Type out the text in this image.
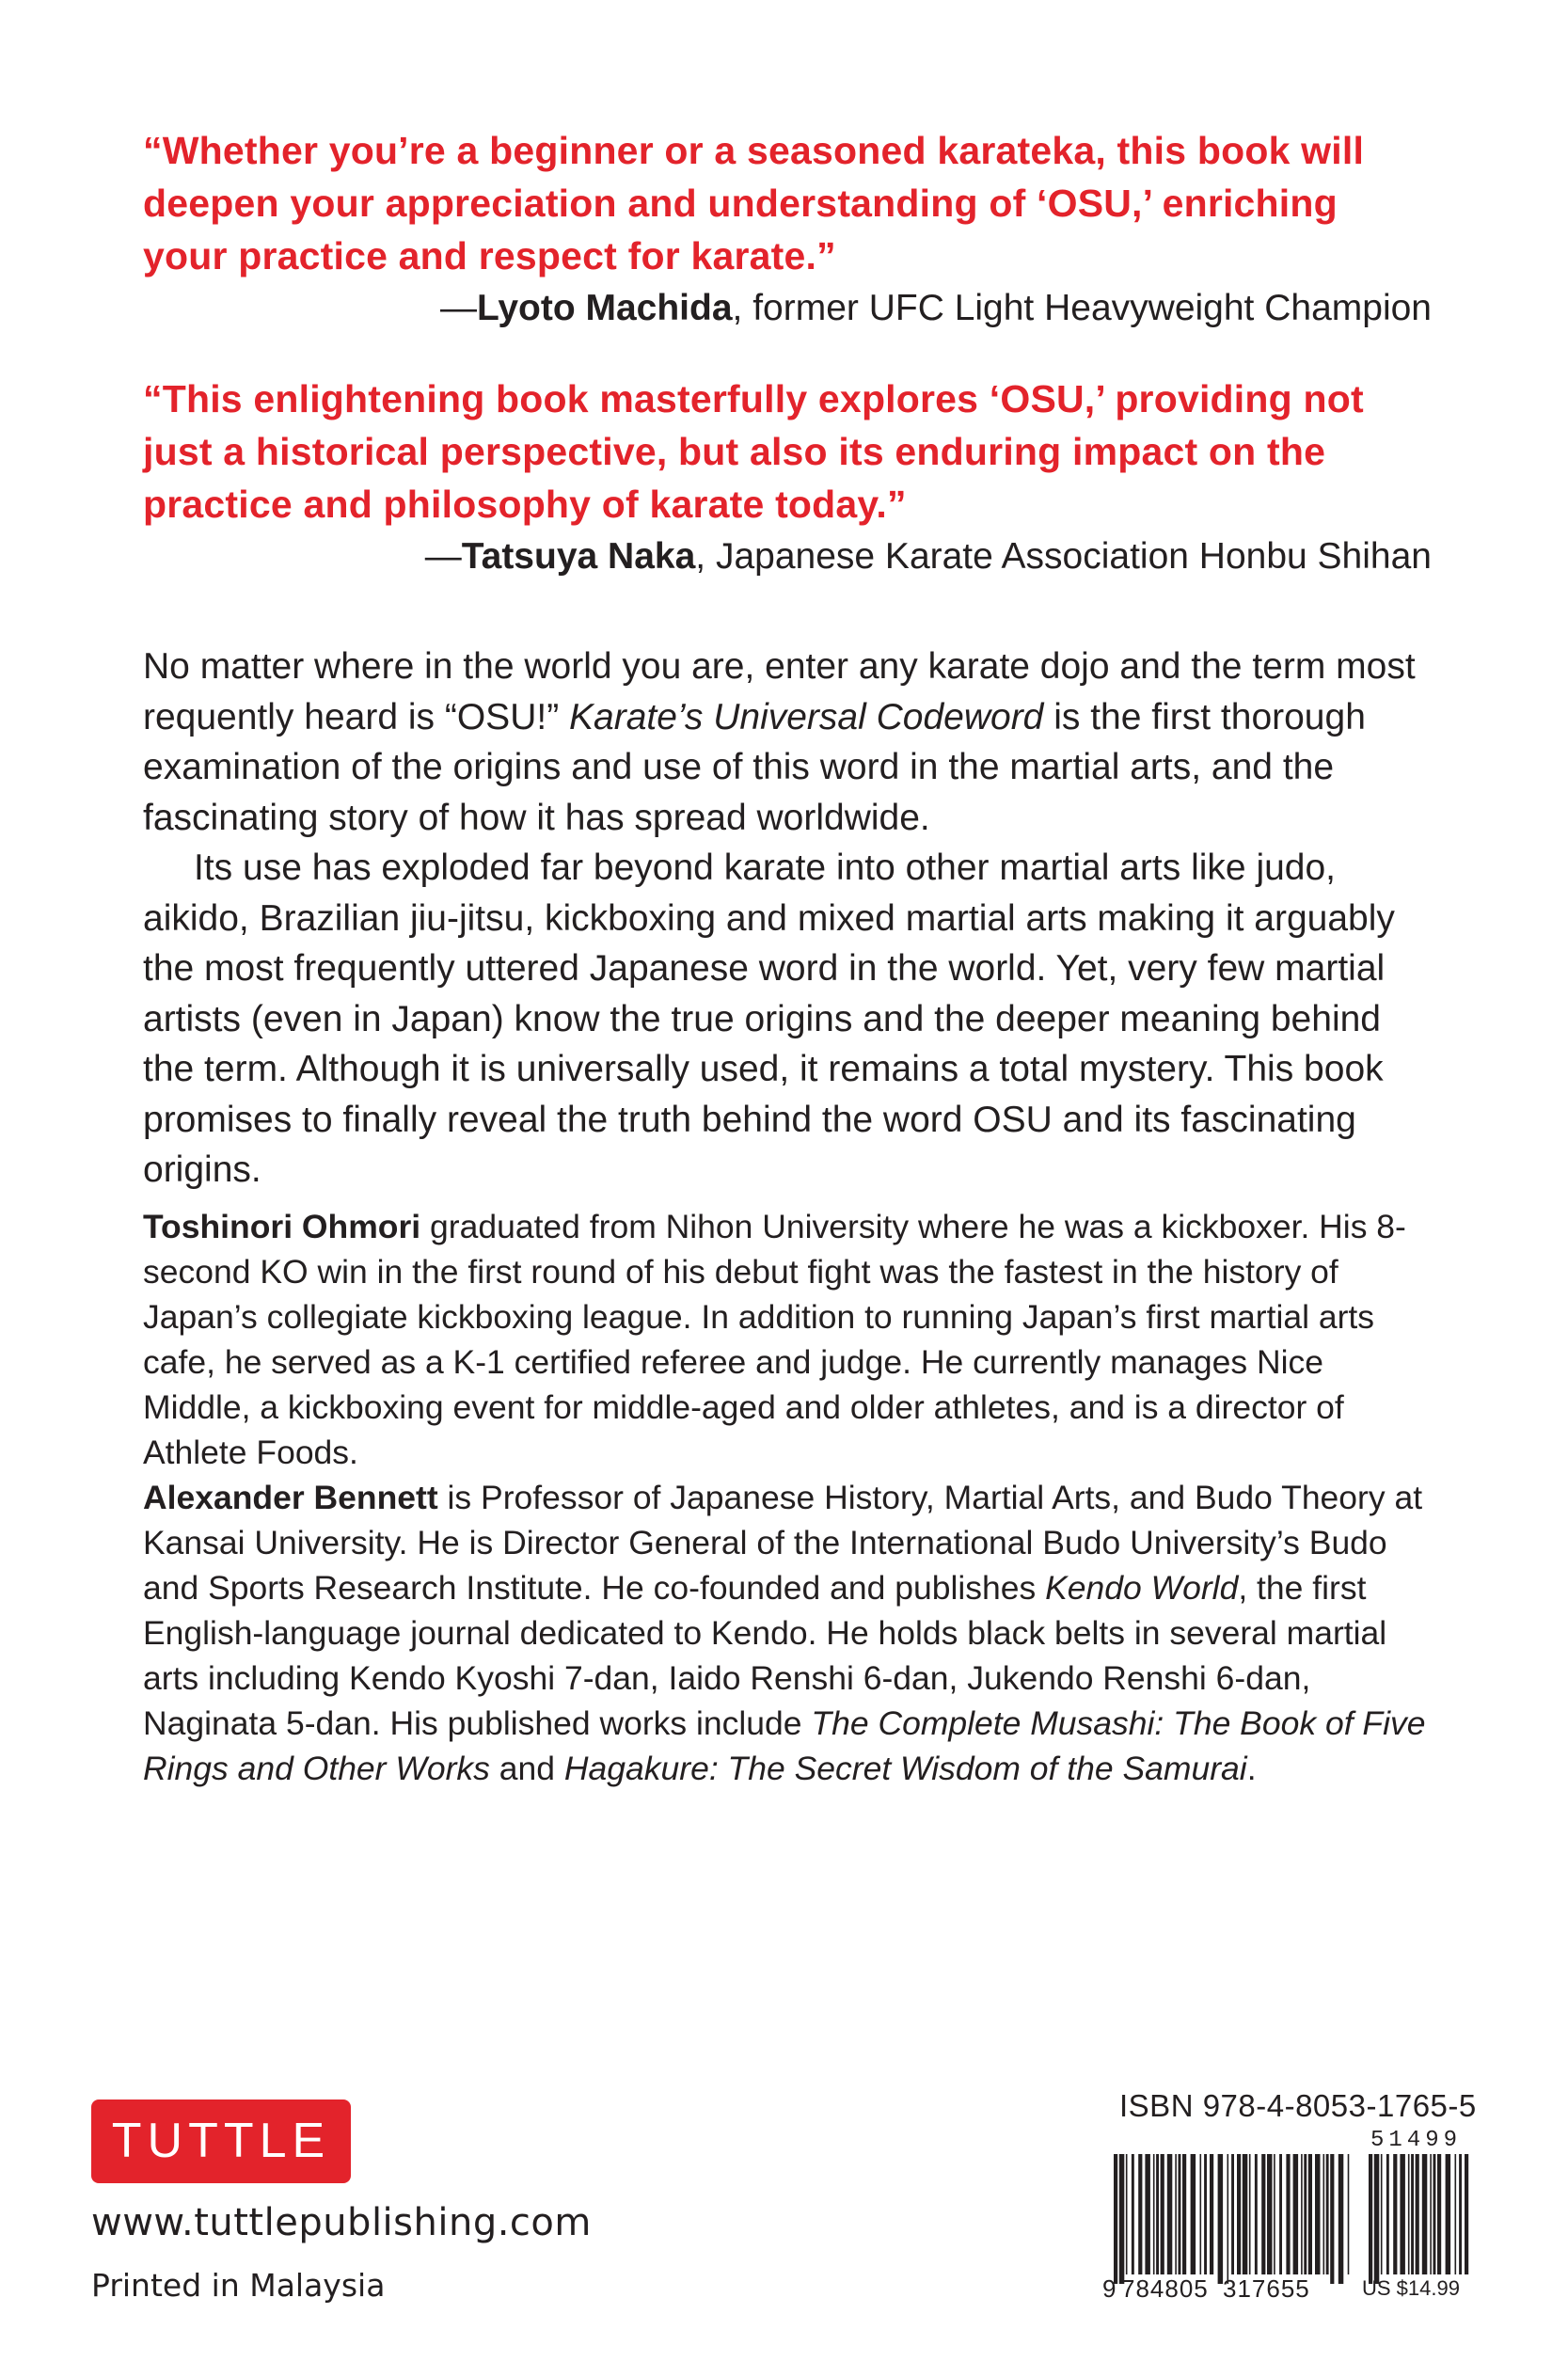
“Whether you’re a beginner or a seasoned karateka, this book will deepen your appreciation and understanding of ‘OSU,’ enriching your practice and respect for karate.”

—Lyoto Machida, former UFC Light Heavyweight Champion

“This enlightening book masterfully explores ‘OSU,’ providing not just a historical perspective, but also its enduring impact on the practice and philosophy of karate today.”

—Tatsuya Naka, Japanese Karate Association Honbu Shihan

No matter where in the world you are, enter any karate dojo and the term most requently heard is “OSU!” Karate’s Universal Codeword is the first thorough examination of the origins and use of this word in the martial arts, and the fascinating story of how it has spread worldwide.

Its use has exploded far beyond karate into other martial arts like judo, aikido, Brazilian jiu-jitsu, kickboxing and mixed martial arts making it arguably the most frequently uttered Japanese word in the world. Yet, very few martial artists (even in Japan) know the true origins and the deeper meaning behind the term. Although it is universally used, it remains a total mystery. This book promises to finally reveal the truth behind the word OSU and its fascinating origins.

Toshinori Ohmori graduated from Nihon University where he was a kickboxer. His 8-second KO win in the first round of his debut fight was the fastest in the history of Japan’s collegiate kickboxing league. In addition to running Japan’s first martial arts cafe, he served as a K-1 certified referee and judge. He currently manages Nice Middle, a kickboxing event for middle-aged and older athletes, and is a director of Athlete Foods.

Alexander Bennett is Professor of Japanese History, Martial Arts, and Budo Theory at Kansai University. He is Director General of the International Budo University’s Budo and Sports Research Institute. He co-founded and publishes Kendo World, the first English-language journal dedicated to Kendo. He holds black belts in several martial arts including Kendo Kyoshi 7-dan, Iaido Renshi 6-dan, Jukendo Renshi 6-dan, Naginata 5-dan. His published works include The Complete Musashi: The Book of Five Rings and Other Works and Hagakure: The Secret Wisdom of the Samurai.

TUTTLE
www.tuttlepublishing.com
Printed in Malaysia
ISBN 978-4-8053-1765-5
51499
9 784805 317655	US $14.99
